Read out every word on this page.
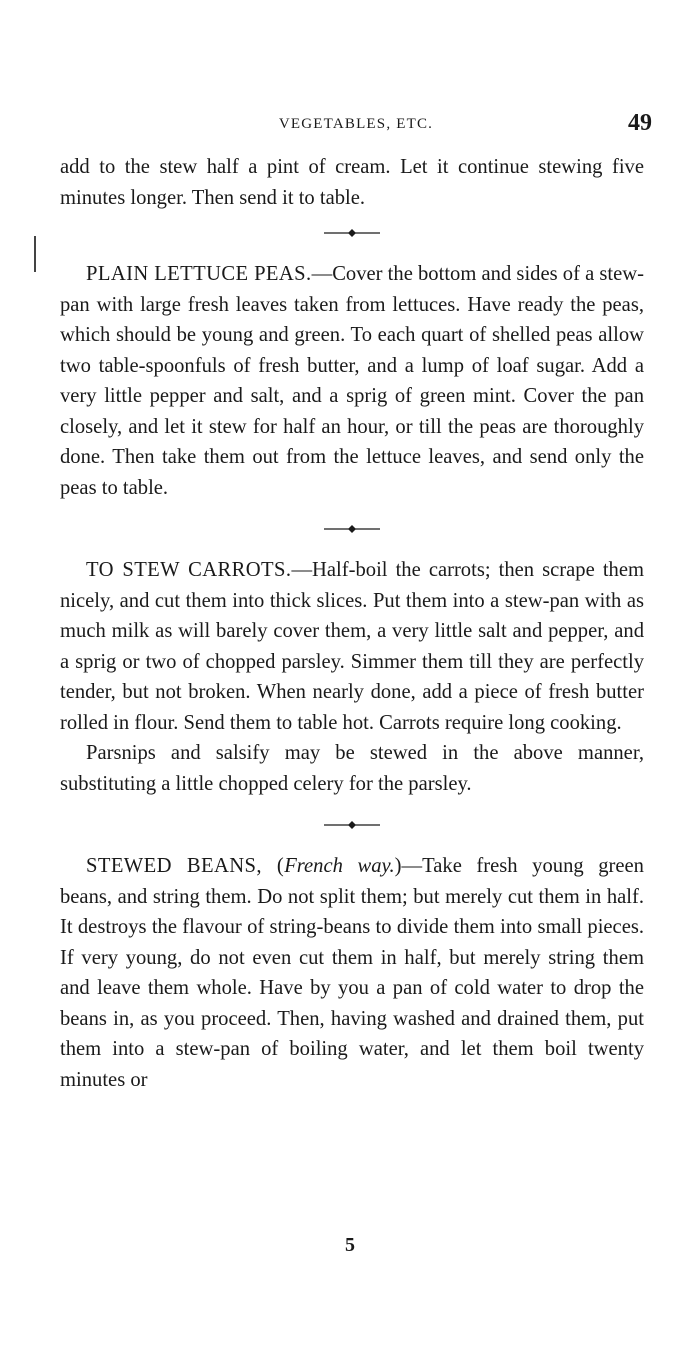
VEGETABLES, ETC.	49

add to the stew half a pint of cream. Let it continue stewing five minutes longer. Then send it to table.

PLAIN LETTUCE PEAS.—Cover the bottom and sides of a stew-pan with large fresh leaves taken from lettuces. Have ready the peas, which should be young and green. To each quart of shelled peas allow two table-spoonfuls of fresh butter, and a lump of loaf sugar. Add a very little pepper and salt, and a sprig of green mint. Cover the pan closely, and let it stew for half an hour, or till the peas are thoroughly done. Then take them out from the lettuce leaves, and send only the peas to table.

TO STEW CARROTS.—Half-boil the carrots; then scrape them nicely, and cut them into thick slices. Put them into a stew-pan with as much milk as will barely cover them, a very little salt and pepper, and a sprig or two of chopped parsley. Simmer them till they are perfectly tender, but not broken. When nearly done, add a piece of fresh butter rolled in flour. Send them to table hot. Carrots require long cooking.

Parsnips and salsify may be stewed in the above manner, substituting a little chopped celery for the parsley.

STEWED BEANS, (French way.)—Take fresh young green beans, and string them. Do not split them; but merely cut them in half. It destroys the flavour of string-beans to divide them into small pieces. If very young, do not even cut them in half, but merely string them and leave them whole. Have by you a pan of cold water to drop the beans in, as you proceed. Then, having washed and drained them, put them into a stew-pan of boiling water, and let them boil twenty minutes or

5
